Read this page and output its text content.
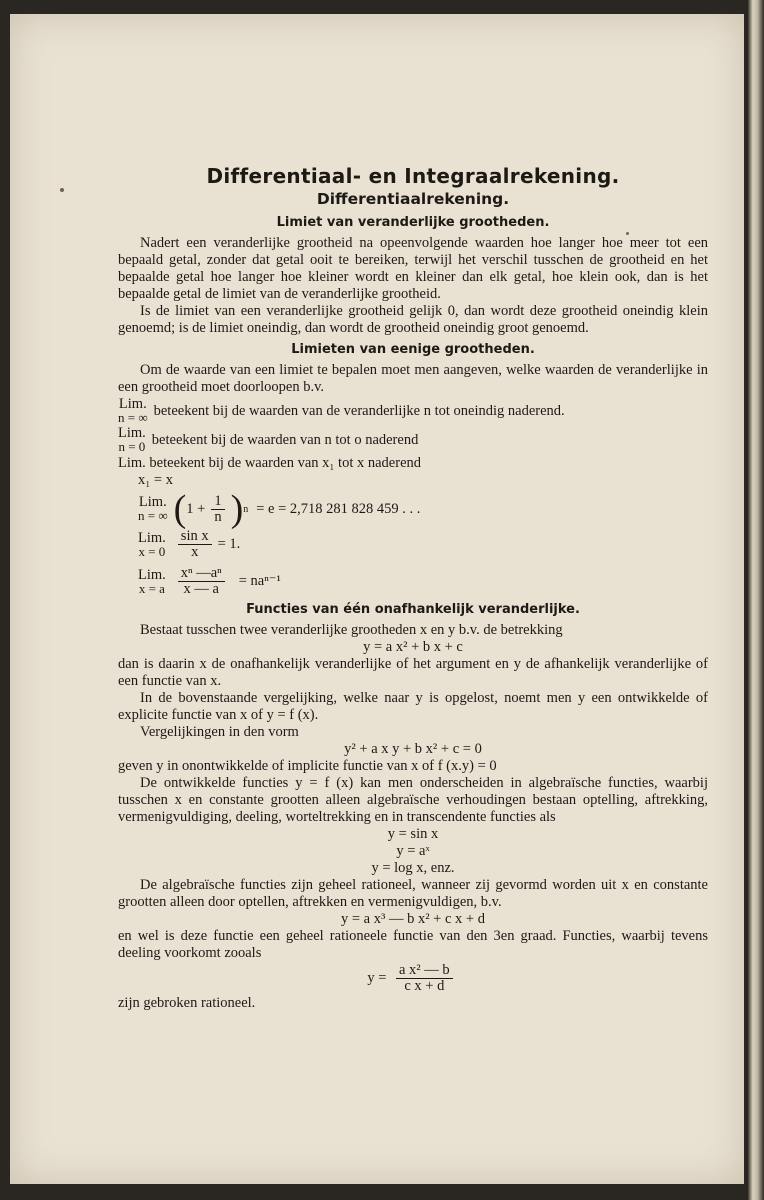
Differentiaal- en Integraalrekening.
Differentiaalrekening.
Limiet van veranderlijke grootheden.

Nadert een veranderlijke grootheid na opeenvolgende waarden hoe langer hoe meer tot een bepaald getal, zonder dat getal ooit te bereiken, terwijl het verschil tusschen de grootheid en het bepaalde getal hoe langer hoe kleiner wordt en kleiner dan elk getal, hoe klein ook, dan is het bepaalde getal de limiet van de veranderlijke grootheid.

Is de limiet van een veranderlijke grootheid gelijk 0, dan wordt deze grootheid oneindig klein genoemd; is de limiet oneindig, dan wordt de grootheid oneindig groot genoemd.

Limieten van eenige grootheden.

Om de waarde van een limiet te bepalen moet men aangeven, welke waarden de veranderlijke in een grootheid moet doorloopen b.v.

Lim.
n = ∞ beteekent bij de waarden van de veranderlijke n tot oneindig naderend.
Lim.
n = 0 beteekent bij de waarden van n tot o naderend
Lim. beteekent bij de waarden van x₁ tot x naderend
x₁ = x
Lim.
n = ∞ ( $1 + \frac{1}{n}$ ) n = e = 2,718 281 828 459 . . .
Lim.
$x = 0 \frac{\text{sin x}}{x} = 1$.
Lim.
x = a $\frac{\text{xⁿ —aⁿ}}{x — a} = na^{n-1}$
Functies van één onafhankelijk veranderlijke.

Bestaat tusschen twee veranderlijke grootheden x en y b.v. de betrekking

y = a x² + b x + c

dan is daarin x de onafhankelijk veranderlijke of het argument en y de afhankelijk veranderlijke of een functie van x.

In de bovenstaande vergelijking, welke naar y is opgelost, noemt men y een ontwikkelde of explicite functie van x of y = f (x).

Vergelijkingen in den vorm

y² + a x y + b x² + c = 0

geven y in onontwikkelde of implicite functie van x of f (x.y) = 0

De ontwikkelde functies y = f (x) kan men onderscheiden in algebraïsche functies, waarbij tusschen x en constante grootten alleen algebraïsche verhoudingen bestaan optelling, aftrekking, vermenigvuldiging, deeling, worteltrekking en in transcendente functies als

y = sin x
y = aˣ
y = log x, enz.

De algebraïsche functies zijn geheel rationeel, wanneer zij gevormd worden uit x en constante grootten alleen door optellen, aftrekken en vermenigvuldigen, b.v.

y = a x³ — b x² + c x + d

en wel is deze functie een geheel rationeele functie van den 3en graad. Functies, waarbij tevens deeling voorkomt zooals

$y = \frac{\text{a x² — b}}{\text{c x + d}}$

zijn gebroken rationeel.
